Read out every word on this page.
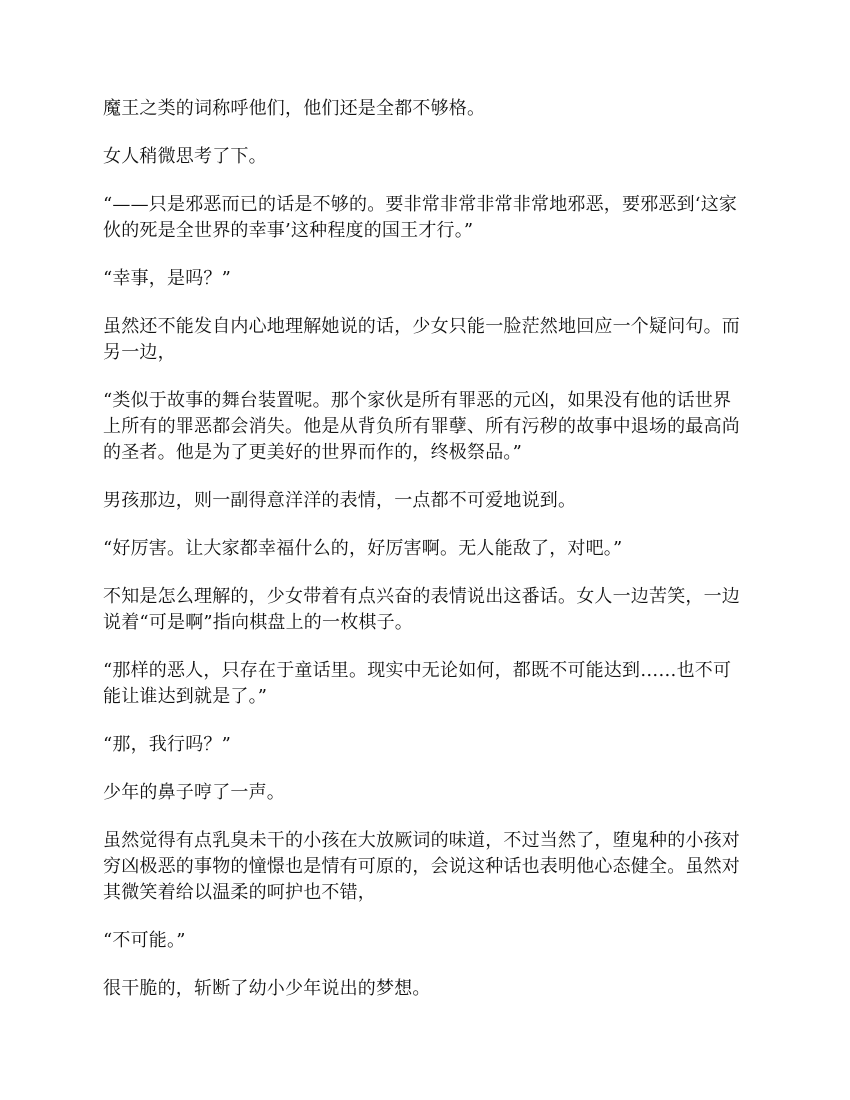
魔王之类的词称呼他们，他们还是全都不够格。

女人稍微思考了下。

“——只是邪恶而已的话是不够的。要非常非常非常非常地邪恶，要邪恶到‘这家伙的死是全世界的幸事’这种程度的国王才行。”

“幸事，是吗？”

虽然还不能发自内心地理解她说的话，少女只能一脸茫然地回应一个疑问句。而另一边，

“类似于故事的舞台装置呢。那个家伙是所有罪恶的元凶，如果没有他的话世界上所有的罪恶都会消失。他是从背负所有罪孽、所有污秽的故事中退场的最高尚的圣者。他是为了更美好的世界而作的，终极祭品。”

男孩那边，则一副得意洋洋的表情，一点都不可爱地说到。

“好厉害。让大家都幸福什么的，好厉害啊。无人能敌了，对吧。”

不知是怎么理解的，少女带着有点兴奋的表情说出这番话。女人一边苦笑，一边说着“可是啊”指向棋盘上的一枚棋子。

“那样的恶人，只存在于童话里。现实中无论如何，都既不可能达到……也不可能让谁达到就是了。”

“那，我行吗？”

少年的鼻子哼了一声。

虽然觉得有点乳臭未干的小孩在大放厥词的味道，不过当然了，堕鬼种的小孩对穷凶极恶的事物的憧憬也是情有可原的，会说这种话也表明他心态健全。虽然对其微笑着给以温柔的呵护也不错，

“不可能。”

很干脆的，斩断了幼小少年说出的梦想。
